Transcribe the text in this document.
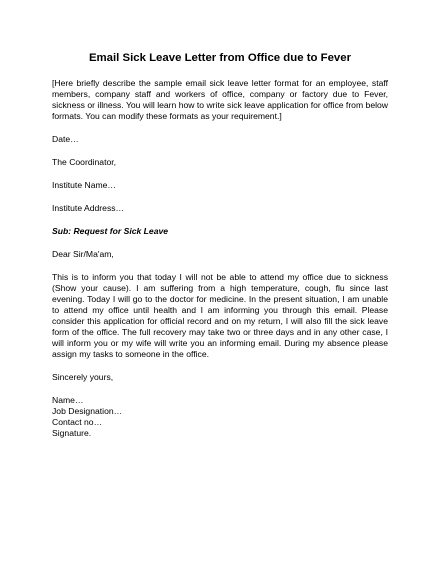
Email Sick Leave Letter from Office due to Fever

[Here briefly describe the sample email sick leave letter format for an employee, staff members, company staff and workers of office, company or factory due to Fever, sickness or illness. You will learn how to write sick leave application for office from below formats. You can modify these formats as your requirement.]

Date…

The Coordinator,

Institute Name…

Institute Address…

Sub: Request for Sick Leave

Dear Sir/Ma'am,

This is to inform you that today I will not be able to attend my office due to sickness (Show your cause). I am suffering from a high temperature, cough, flu since last evening. Today I will go to the doctor for medicine. In the present situation, I am unable to attend my office until health and I am informing you through this email. Please consider this application for official record and on my return, I will also fill the sick leave form of the office. The full recovery may take two or three days and in any other case, I will inform you or my wife will write you an informing email. During my absence please assign my tasks to someone in the office.

Sincerely yours,

Name…
Job Designation…
Contact no…
Signature.
